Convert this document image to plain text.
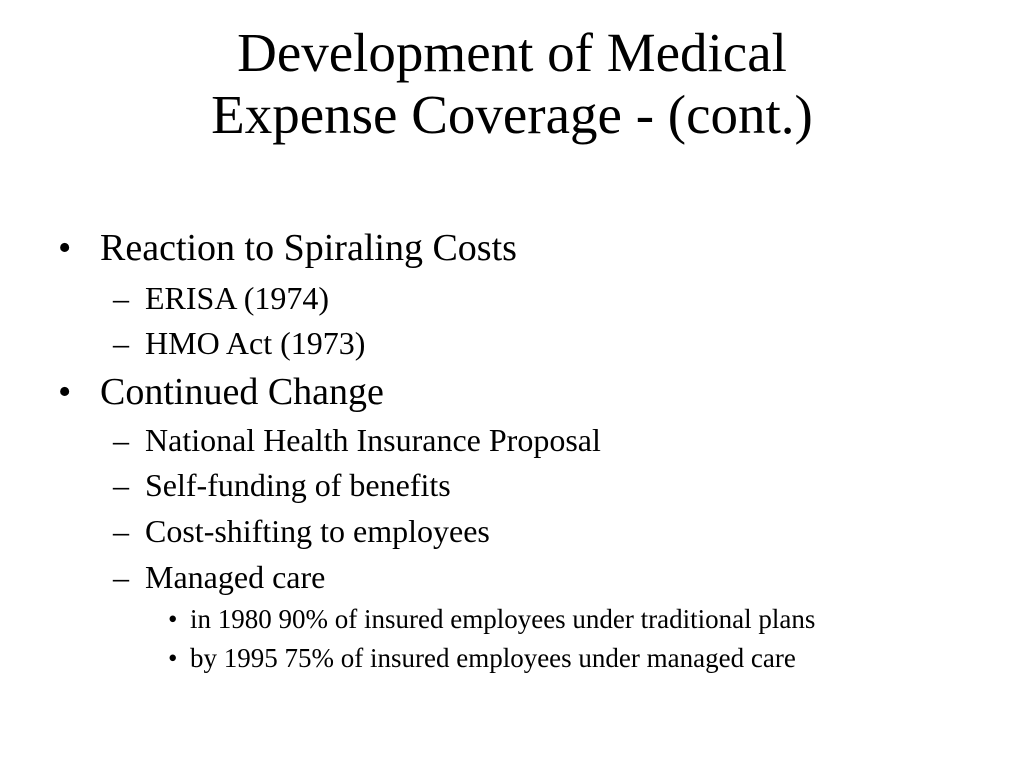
Development of Medical
Expense Coverage - (cont.)
• Reaction to Spiraling Costs
– ERISA (1974)
– HMO Act (1973)
• Continued Change
– National Health Insurance Proposal
– Self-funding of benefits
– Cost-shifting to employees
– Managed care
• in 1980 90% of insured employees under traditional plans
• by 1995 75% of insured employees under managed care
